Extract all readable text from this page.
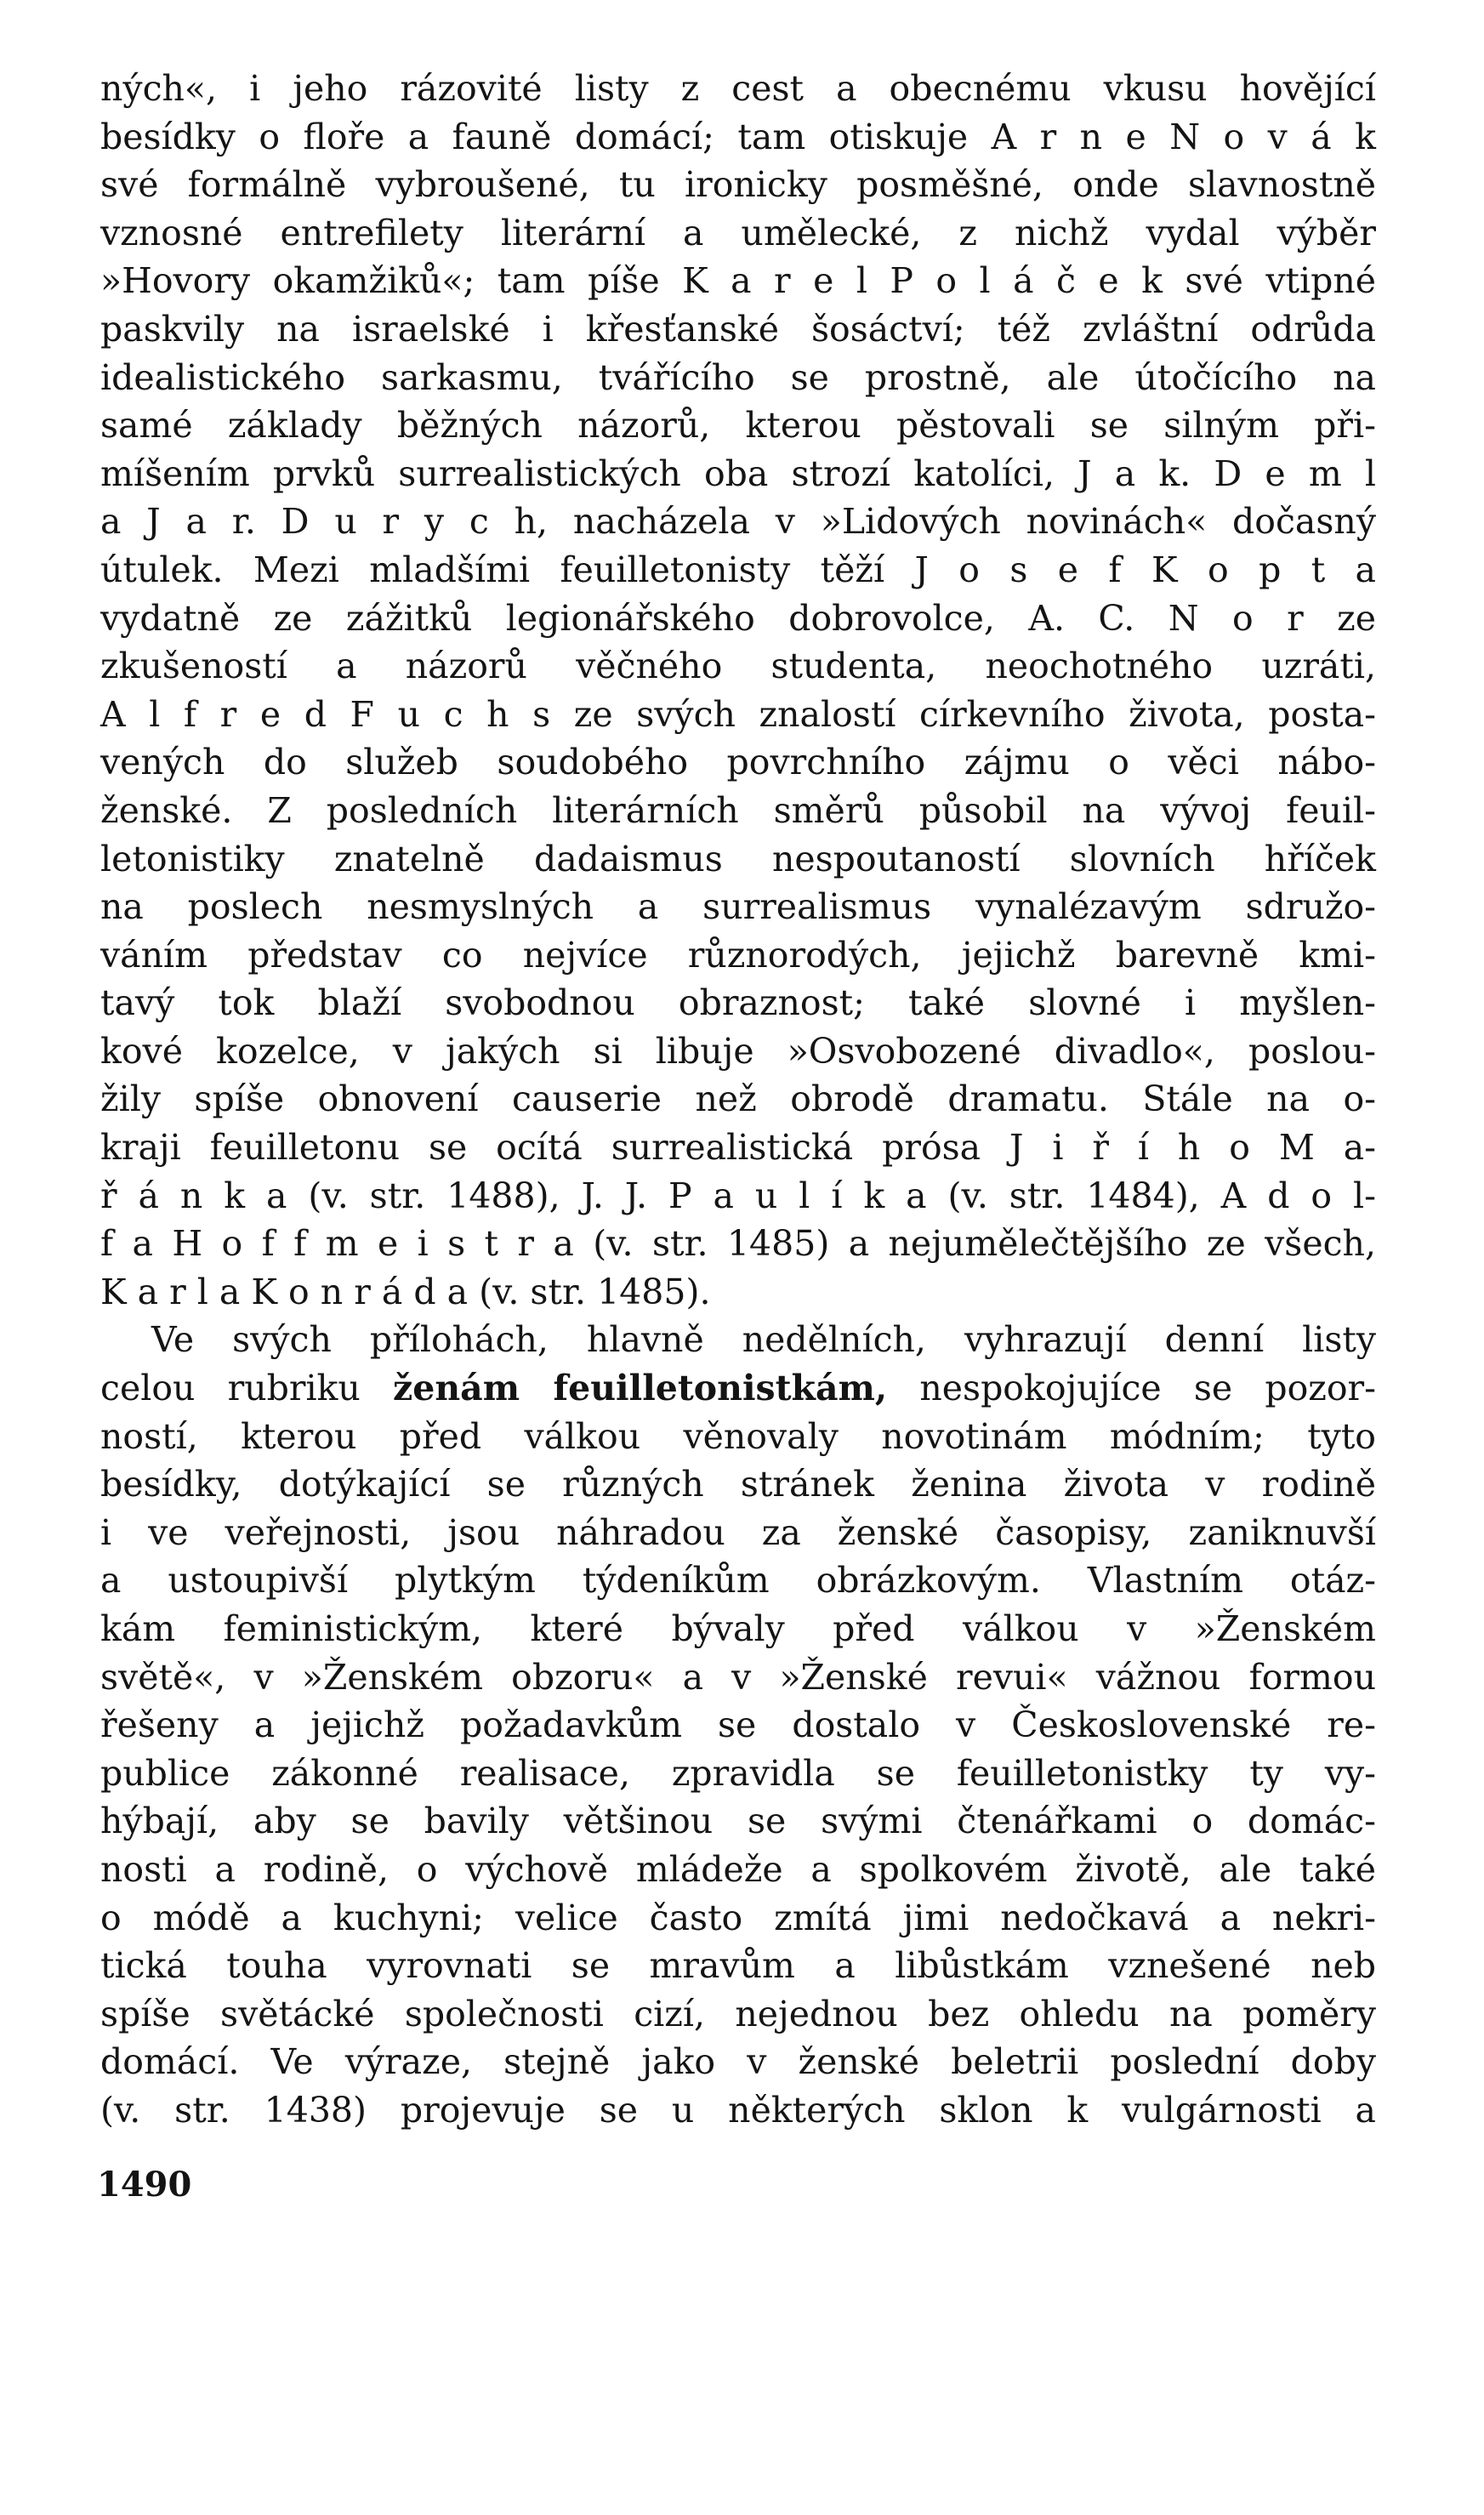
ných«, i jeho rázovité listy z cest a obecnému vkusu hovějící
besídky o floře a fauně domácí; tam otiskuje A r n e N o v á k
své formálně vybroušené, tu ironicky posměšné, onde slavnostně
vznosné entrefilety literární a umělecké, z nichž vydal výběr
»Hovory okamžiků«; tam píše K a r e l P o l á č e k své vtipné
paskvily na israelské i křesťanské šosáctví; též zvláštní odrůda
idealistického sarkasmu, tvářícího se prostně, ale útočícího na
samé základy běžných názorů, kterou pěstovali se silným při-
míšením prvků surrealistických oba strozí katolíci, J a k. D e m l
a J a r. D u r y c h, nacházela v »Lidových novinách« dočasný
útulek. Mezi mladšími feuilletonisty těží J o s e f K o p t a
vydatně ze zážitků legionářského dobrovolce, A. C. N o r ze
zkušeností a názorů věčného studenta, neochotného uzráti,
A l f r e d F u c h s ze svých znalostí církevního života, posta-
vených do služeb soudobého povrchního zájmu o věci nábo-
ženské. Z posledních literárních směrů působil na vývoj feuil-
letonistiky znatelně dadaismus nespoutaností slovních hříček
na poslech nesmyslných a surrealismus vynalézavým sdružo-
váním představ co nejvíce různorodých, jejichž barevně kmi-
tavý tok blaží svobodnou obraznost; také slovné i myšlen-
kové kozelce, v jakých si libuje »Osvobozené divadlo«, poslou-
žily spíše obnovení causerie než obrodě dramatu. Stále na o-
kraji feuilletonu se ocítá surrealistická prósa J i ř í h o M a-
ř á n k a (v. str. 1488), J. J. P a u l í k a (v. str. 1484), A d o l-
f a H o f f m e i s t r a (v. str. 1485) a nejumělečtějšího ze všech,
K a r l a K o n r á d a (v. str. 1485).

Ve svých přílohách, hlavně nedělních, vyhrazují denní listy
celou rubriku ženám feuilletonistkám, nespokojujíce se pozor-
ností, kterou před válkou věnovaly novotinám módním; tyto
besídky, dotýkající se různých stránek ženina života v rodině
i ve veřejnosti, jsou náhradou za ženské časopisy, zaniknuvší
a ustoupivší plytkým týdeníkům obrázkovým. Vlastním otáz-
kám feministickým, které bývaly před válkou v »Ženském
světě«, v »Ženském obzoru« a v »Ženské revui« vážnou formou
řešeny a jejichž požadavkům se dostalo v Československé re-
publice zákonné realisace, zpravidla se feuilletonistky ty vy-
hýbají, aby se bavily většinou se svými čtenářkami o domác-
nosti a rodině, o výchově mládeže a spolkovém životě, ale také
o módě a kuchyni; velice často zmítá jimi nedočkavá a nekri-
tická touha vyrovnati se mravům a libůstkám vznešené neb
spíše světácké společnosti cizí, nejednou bez ohledu na poměry
domácí. Ve výraze, stejně jako v ženské beletrii poslední doby
(v. str. 1438) projevuje se u některých sklon k vulgárnosti a

1490
